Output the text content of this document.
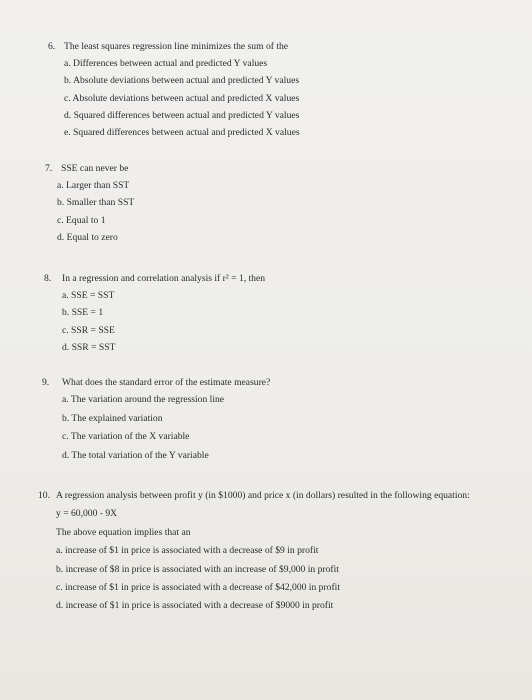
6. The least squares regression line minimizes the sum of the
a. Differences between actual and predicted Y values
b. Absolute deviations between actual and predicted Y values
c. Absolute deviations between actual and predicted X values
d. Squared differences between actual and predicted Y values
e. Squared differences between actual and predicted X values
7. SSE can never be
a. Larger than SST
b. Smaller than SST
c. Equal to 1
d. Equal to zero
8. In a regression and correlation analysis if r² = 1, then
a. SSE = SST
b. SSE = 1
c. SSR = SSE
d. SSR = SST
9. What does the standard error of the estimate measure?
a. The variation around the regression line
b. The explained variation
c. The variation of the X variable
d. The total variation of the Y variable
10. A regression analysis between profit y (in $1000) and price x (in dollars) resulted in the following equation:
y = 60,000 - 9X
The above equation implies that an
a. increase of $1 in price is associated with a decrease of $9 in profit
b. increase of $8 in price is associated with an increase of $9,000 in profit
c. increase of $1 in price is associated with a decrease of $42,000 in profit
d. increase of $1 in price is associated with a decrease of $9000 in profit
